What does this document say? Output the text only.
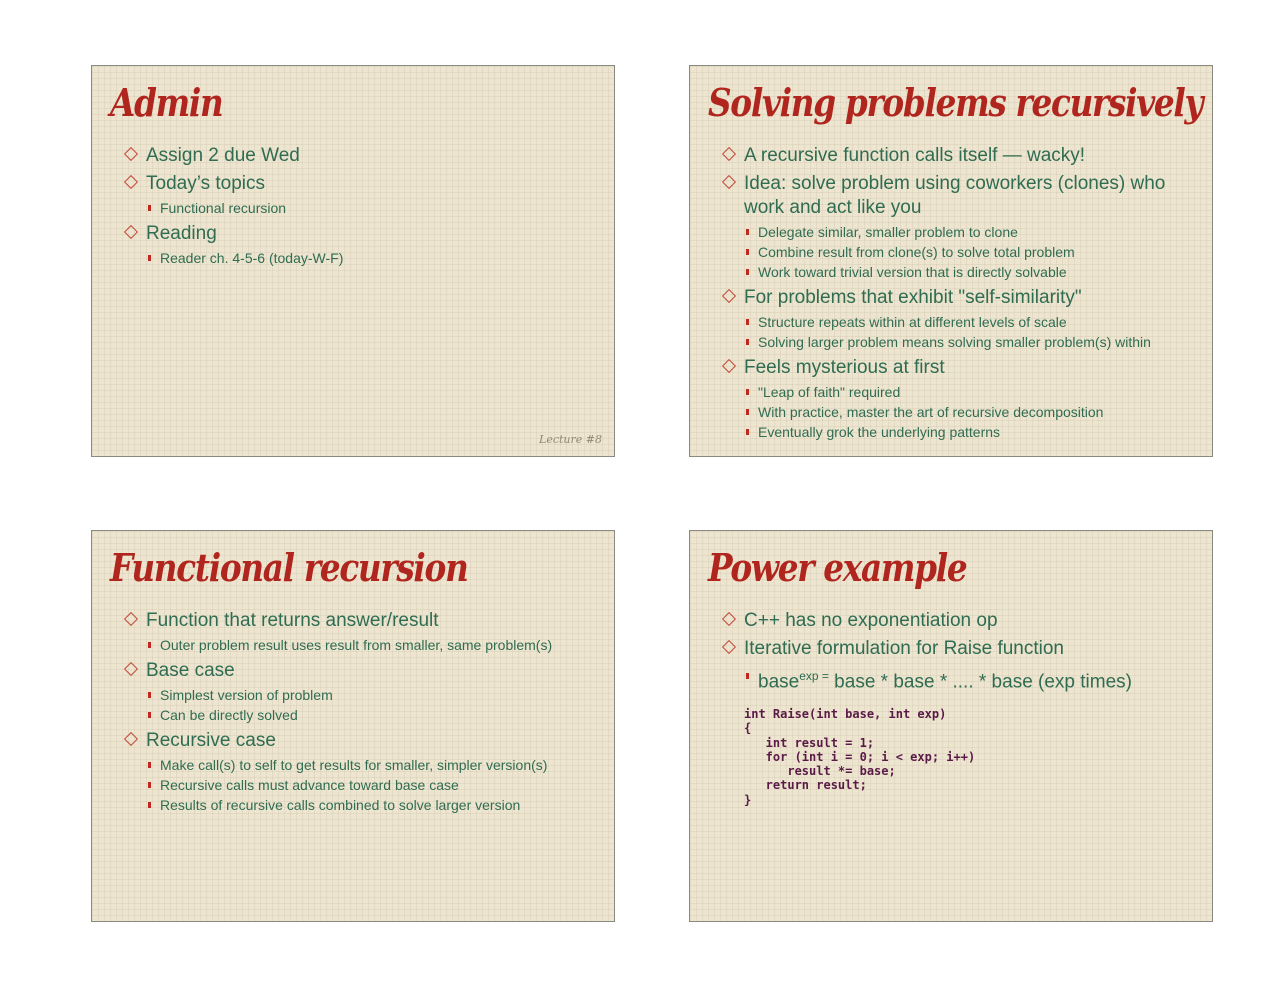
Admin
Assign 2 due Wed
Today’s topics
Functional recursion
Reading
Reader ch. 4-5-6 (today-W-F)
Lecture #8
Solving problems recursively
A recursive function calls itself — wacky!
Idea: solve problem using coworkers (clones) who work and act like you
Delegate similar, smaller problem to clone
Combine result from clone(s) to solve total problem
Work toward trivial version that is directly solvable
For problems that exhibit "self-similarity"
Structure repeats within at different levels of scale
Solving larger problem means solving smaller problem(s) within
Feels mysterious at first
"Leap of faith" required
With practice, master the art of recursive decomposition
Eventually grok the underlying patterns
Functional recursion
Function that returns answer/result
Outer problem result uses result from smaller, same problem(s)
Base case
Simplest version of problem
Can be directly solved
Recursive case
Make call(s) to self to get results for smaller, simpler version(s)
Recursive calls must advance toward base case
Results of recursive calls combined to solve larger version
Power example
C++ has no exponentiation op
Iterative formulation for Raise function
base$^{exp =}$ base * base * .... * base (exp times)
int Raise(int base, int exp)
{
int result = 1;
for (int i = 0; i < exp; i++)
result *= base;
return result;
}
